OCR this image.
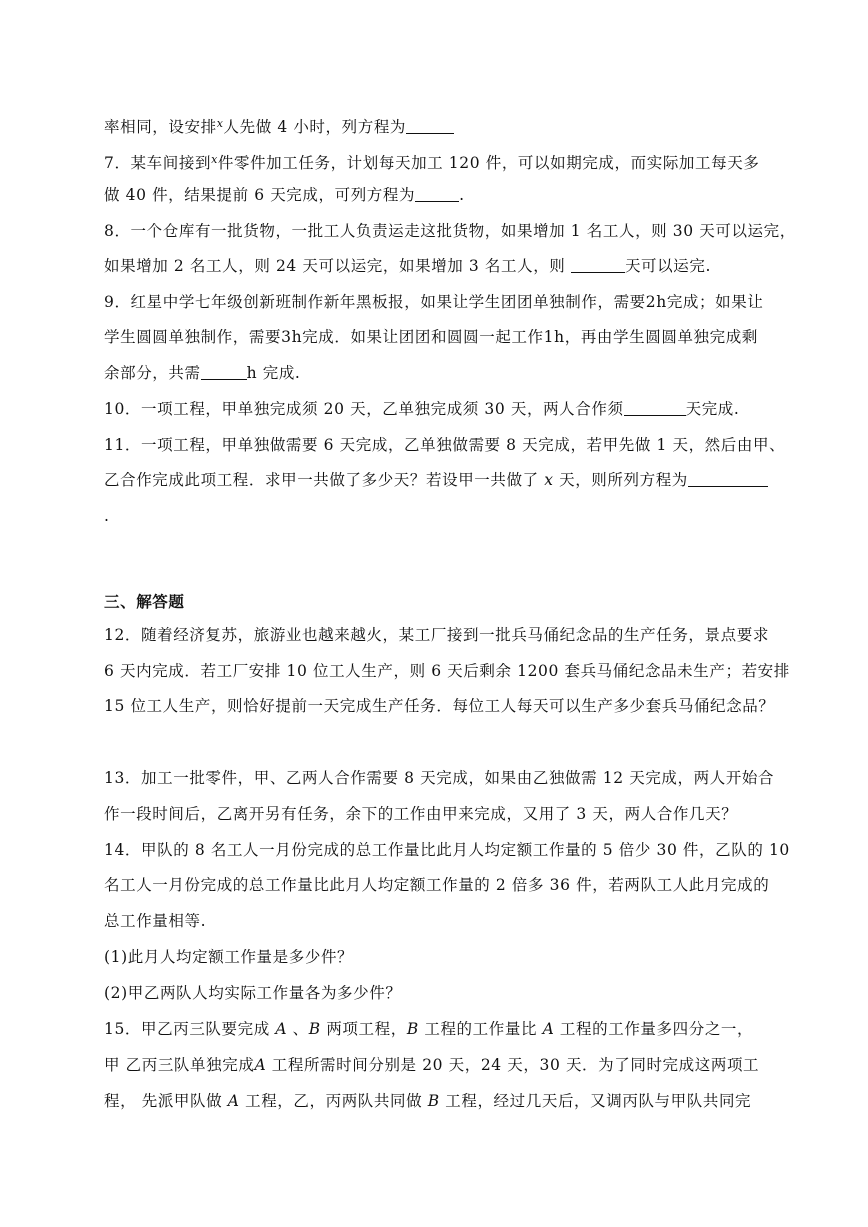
率相同，设安排$^x$人先做 4 小时，列方程为
7．某车间接到$^x$件零件加工任务，计划每天加工 120 件，可以如期完成，而实际加工每天多
做 40 件，结果提前 6 天完成，可列方程为	.
8．一个仓库有一批货物，一批工人负责运走这批货物，如果增加 1 名工人，则 30 天可以运完，
如果增加 2 名工人，则 24 天可以运完，如果增加 3 名工人，则	天可以运完.
9．红星中学七年级创新班制作新年黑板报，如果让学生团团单独制作，需要2h完成；如果让
学生圆圆单独制作，需要3h完成．如果让团团和圆圆一起工作1h，再由学生圆圆单独完成剩
余部分，共需	h 完成.
10．一项工程，甲单独完成须 20 天，乙单独完成须 30 天，两人合作须	天完成.
11．一项工程，甲单独做需要 6 天完成，乙单独做需要 8 天完成，若甲先做 1 天，然后由甲、
乙合作完成此项工程．求甲一共做了多少天？若设甲一共做了 x 天，则所列方程为
.
三、解答题
12．随着经济复苏，旅游业也越来越火，某工厂接到一批兵马俑纪念品的生产任务，景点要求
6 天内完成．若工厂安排 10 位工人生产，则 6 天后剩余 1200 套兵马俑纪念品未生产；若安排
15 位工人生产，则恰好提前一天完成生产任务．每位工人每天可以生产多少套兵马俑纪念品？
13．加工一批零件，甲、乙两人合作需要 8 天完成，如果由乙独做需 12 天完成，两人开始合
作一段时间后，乙离开另有任务，余下的工作由甲来完成，又用了 3 天，两人合作几天？
14．甲队的 8 名工人一月份完成的总工作量比此月人均定额工作量的 5 倍少 30 件，乙队的 10
名工人一月份完成的总工作量比此月人均定额工作量的 2 倍多 36 件，若两队工人此月完成的
总工作量相等.
(1)此月人均定额工作量是多少件？
(2)甲乙两队人均实际工作量各为多少件？
15．甲乙丙三队要完成 A 、B 两项工程，B 工程的工作量比 A 工程的工作量多四分之一，
甲 乙丙三队单独完成A 工程所需时间分别是 20 天，24 天，30 天．为了同时完成这两项工
程， 先派甲队做 A 工程，乙，丙两队共同做 B 工程，经过几天后，又调丙队与甲队共同完
